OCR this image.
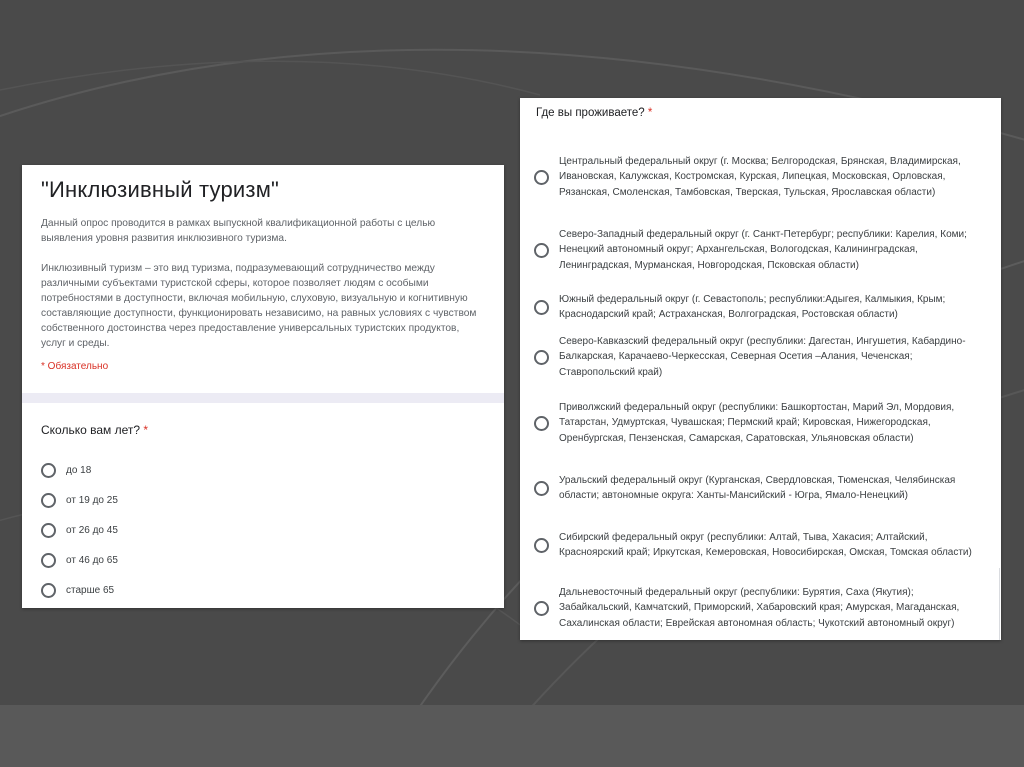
"Инклюзивный туризм"

Данный опрос проводится в рамках выпускной квалификационной работы с целью выявления уровня развития инклюзивного туризма.

Инклюзивный туризм – это вид туризма, подразумевающий сотрудничество между различными субъектами туристской сферы, которое позволяет людям с особыми потребностями в доступности, включая мобильную, слуховую, визуальную и когнитивную составляющие доступности, функционировать независимо, на равных условиях с чувством собственного достоинства через предоставление универсальных туристских продуктов, услуг и среды.

* Обязательно
Сколько вам лет? *
до 18
от 19 до 25
от 26 до 45
от 46 до 65
старше 65
Где вы проживаете? *
Центральный федеральный округ (г. Москва; Белгородская, Брянская, Владимирская, Ивановская, Калужская, Костромская, Курская, Липецкая, Московская, Орловская, Рязанская, Смоленская, Тамбовская, Тверская, Тульская, Ярославская области)
Северо-Западный федеральный округ (г. Санкт-Петербург; республики: Карелия, Коми; Ненецкий автономный округ; Архангельская, Вологодская, Калининградская, Ленинградская, Мурманская, Новгородская, Псковская области)
Южный федеральный округ (г. Севастополь; республики:Адыгея, Калмыкия, Крым; Краснодарский край; Астраханская, Волгоградская, Ростовская области)
Северо-Кавказский федеральный округ (республики: Дагестан, Ингушетия, Кабардино-Балкарская, Карачаево-Черкесская, Северная Осетия –Алания, Чеченская; Ставропольский край)
Приволжский федеральный округ (республики: Башкортостан, Марий Эл, Мордовия, Татарстан, Удмуртская, Чувашская; Пермский край; Кировская, Нижегородская, Оренбургская, Пензенская, Самарская, Саратовская, Ульяновская области)
Уральский федеральный округ (Курганская, Свердловская, Тюменская, Челябинская области; автономные округа: Ханты-Мансийский - Югра, Ямало-Ненецкий)
Сибирский федеральный округ (республики: Алтай, Тыва, Хакасия; Алтайский, Красноярский край; Иркутская, Кемеровская, Новосибирская, Омская, Томская области)
Дальневосточный федеральный округ (республики: Бурятия, Саха (Якутия); Забайкальский, Камчатский, Приморский, Хабаровский края; Амурская, Магаданская, Сахалинская области; Еврейская автономная область; Чукотский автономный округ)
